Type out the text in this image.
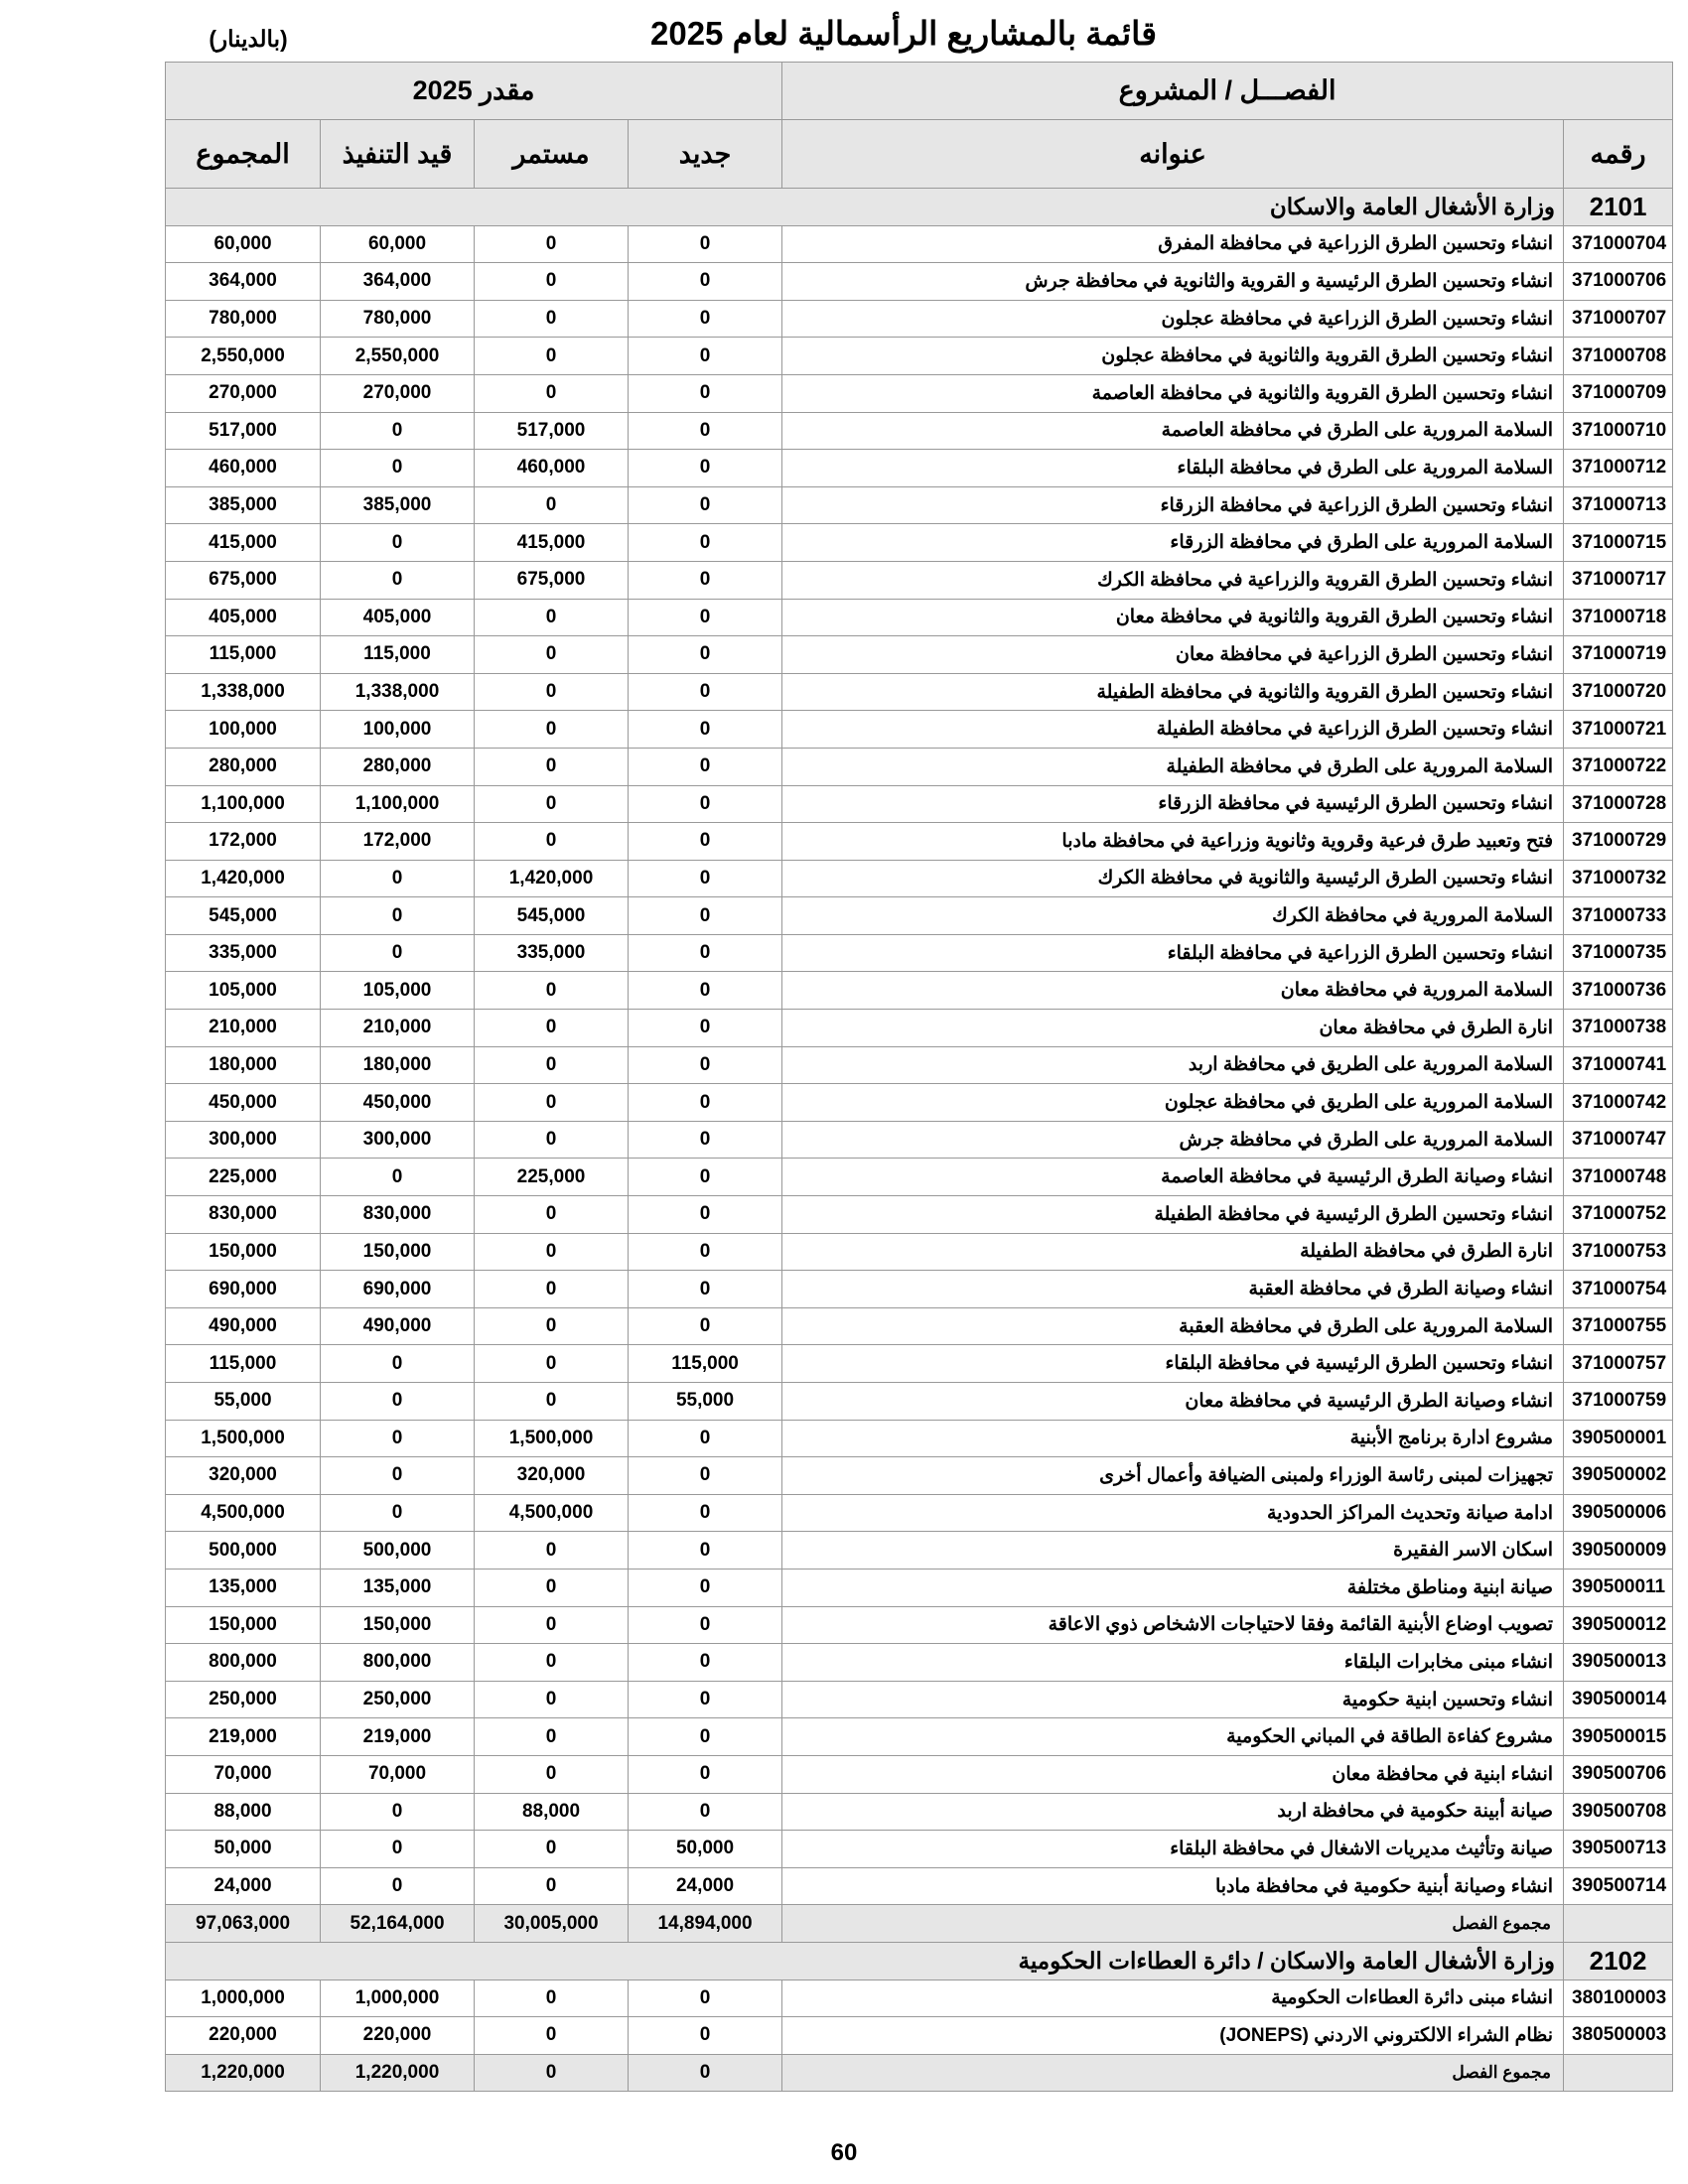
قائمة بالمشاريع الرأسمالية لعام 2025
(بالدينار)
مقدر 2025				الفصـــل / المشروع	
المجموع	قيد التنفيذ	مستمر	جديد	عنوانه	رقمه
وزارة الأشغال العامة والاسكان					2101
60,000	60,000	0	0	انشاء وتحسين الطرق الزراعية في محافظة المفرق	371000704
364,000	364,000	0	0	انشاء وتحسين الطرق الرئيسية و القروية والثانوية في محافظة جرش	371000706
780,000	780,000	0	0	انشاء وتحسين الطرق الزراعية في محافظة عجلون	371000707
2,550,000	2,550,000	0	0	انشاء وتحسين الطرق القروية والثانوية في محافظة عجلون	371000708
270,000	270,000	0	0	انشاء وتحسين الطرق القروية والثانوية في محافظة العاصمة	371000709
517,000	0	517,000	0	السلامة المرورية على الطرق في محافظة العاصمة	371000710
460,000	0	460,000	0	السلامة المرورية على الطرق في محافظة البلقاء	371000712
385,000	385,000	0	0	انشاء وتحسين الطرق الزراعية في محافظة الزرقاء	371000713
415,000	0	415,000	0	السلامة المرورية على الطرق في محافظة الزرقاء	371000715
675,000	0	675,000	0	انشاء وتحسين الطرق القروية والزراعية في محافظة الكرك	371000717
405,000	405,000	0	0	انشاء وتحسين الطرق القروية والثانوية في محافظة معان	371000718
115,000	115,000	0	0	انشاء وتحسين الطرق الزراعية في محافظة معان	371000719
1,338,000	1,338,000	0	0	انشاء وتحسين الطرق القروية والثانوية في محافظة الطفيلة	371000720
100,000	100,000	0	0	انشاء وتحسين الطرق الزراعية في محافظة الطفيلة	371000721
280,000	280,000	0	0	السلامة المرورية على الطرق في محافظة الطفيلة	371000722
1,100,000	1,100,000	0	0	انشاء وتحسين الطرق الرئيسية في محافظة الزرقاء	371000728
172,000	172,000	0	0	فتح وتعبيد طرق فرعية وقروية وثانوية وزراعية في محافظة مادبا	371000729
1,420,000	0	1,420,000	0	انشاء وتحسين الطرق الرئيسية والثانوية في محافظة الكرك	371000732
545,000	0	545,000	0	السلامة المرورية في محافظة الكرك	371000733
335,000	0	335,000	0	انشاء وتحسين الطرق الزراعية في محافظة البلقاء	371000735
105,000	105,000	0	0	السلامة المرورية في محافظة معان	371000736
210,000	210,000	0	0	انارة الطرق في محافظة معان	371000738
180,000	180,000	0	0	السلامة المرورية على الطريق في محافظة اربد	371000741
450,000	450,000	0	0	السلامة المرورية على الطريق في محافظة عجلون	371000742
300,000	300,000	0	0	السلامة المرورية على الطرق في محافظة جرش	371000747
225,000	0	225,000	0	انشاء وصيانة الطرق الرئيسية في محافظة العاصمة	371000748
830,000	830,000	0	0	انشاء وتحسين الطرق الرئيسية في محافظة الطفيلة	371000752
150,000	150,000	0	0	انارة الطرق في محافظة الطفيلة	371000753
690,000	690,000	0	0	انشاء وصيانة الطرق في محافظة العقبة	371000754
490,000	490,000	0	0	السلامة المرورية على الطرق في محافظة العقبة	371000755
115,000	0	0	115,000	انشاء وتحسين الطرق الرئيسية في محافظة البلقاء	371000757
55,000	0	0	55,000	انشاء وصيانة الطرق الرئيسية في محافظة معان	371000759
1,500,000	0	1,500,000	0	مشروع ادارة برنامج الأبنية	390500001
320,000	0	320,000	0	تجهيزات لمبنى رئاسة الوزراء ولمبنى الضيافة وأعمال أخرى	390500002
4,500,000	0	4,500,000	0	ادامة صيانة وتحديث المراكز الحدودية	390500006
500,000	500,000	0	0	اسكان الاسر الفقيرة	390500009
135,000	135,000	0	0	صيانة ابنية ومناطق مختلفة	390500011
150,000	150,000	0	0	تصويب اوضاع الأبنية القائمة وفقا لاحتياجات الاشخاص ذوي الاعاقة	390500012
800,000	800,000	0	0	انشاء مبنى مخابرات البلقاء	390500013
250,000	250,000	0	0	انشاء وتحسين ابنية حكومية	390500014
219,000	219,000	0	0	مشروع كفاءة الطاقة في المباني الحكومية	390500015
70,000	70,000	0	0	انشاء ابنية في محافظة معان	390500706
88,000	0	88,000	0	صيانة أبينة حكومية في محافظة اربد	390500708
50,000	0	0	50,000	صيانة وتأثيث مديريات الاشغال في محافظة البلقاء	390500713
24,000	0	0	24,000	انشاء وصيانة أبنية حكومية في محافظة مادبا	390500714
97,063,000	52,164,000	30,005,000	14,894,000	مجموع الفصل	
وزارة الأشغال العامة والاسكان / دائرة العطاءات الحكومية					2102
1,000,000	1,000,000	0	0	انشاء مبنى دائرة العطاءات الحكومية	380100003
220,000	220,000	0	0	نظام الشراء الالكتروني الاردني (JONEPS)	380500003
1,220,000	1,220,000	0	0	مجموع الفصل	
60
